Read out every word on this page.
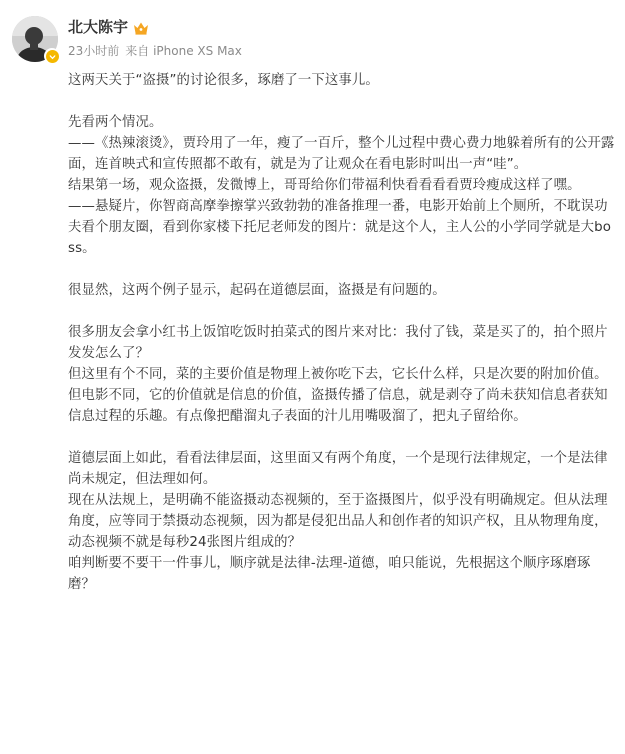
北大陈宇
23小时前 来自 iPhone XS Max

这两天关于“盗摄”的讨论很多，琢磨了一下这事儿。

先看两个情况。

——《热辣滚烫》，贾玲用了一年，瘦了一百斤，整个儿过程中费心费力地躲着所有的公开露面，连首映式和宣传照都不敢有，就是为了让观众在看电影时叫出一声“哇”。

结果第一场，观众盗摄，发微博上，哥哥给你们带福利快看看看看贾玲瘦成这样了嘿。

——悬疑片，你智商高摩拳擦掌兴致勃勃的准备推理一番，电影开始前上个厕所，不耽误功夫看个朋友圈，看到你家楼下托尼老师发的图片：就是这个人，主人公的小学同学就是大boss。

很显然，这两个例子显示，起码在道德层面，盗摄是有问题的。

很多朋友会拿小红书上饭馆吃饭时拍菜式的图片来对比：我付了钱，菜是买了的，拍个照片发发怎么了？

但这里有个不同，菜的主要价值是物理上被你吃下去，它长什么样，只是次要的附加价值。但电影不同，它的价值就是信息的价值，盗摄传播了信息，就是剥夺了尚未获知信息者获知信息过程的乐趣。有点像把醋溜丸子表面的汁儿用嘴吸溜了，把丸子留给你。

道德层面上如此，看看法律层面，这里面又有两个角度，一个是现行法律规定，一个是法律尚未规定，但法理如何。

现在从法规上，是明确不能盗摄动态视频的，至于盗摄图片，似乎没有明确规定。但从法理角度，应等同于禁摄动态视频，因为都是侵犯出品人和创作者的知识产权，且从物理角度，动态视频不就是每秒24张图片组成的？

咱判断要不要干一件事儿，顺序就是法律-法理-道德，咱只能说，先根据这个顺序琢磨琢磨？
